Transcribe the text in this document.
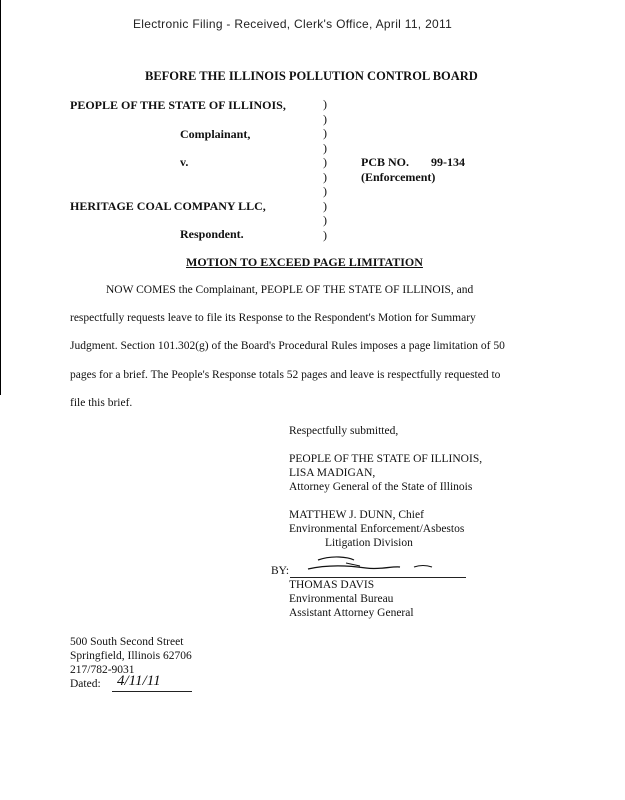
Electronic Filing - Received, Clerk's Office, April 11, 2011
BEFORE THE ILLINOIS POLLUTION CONTROL BOARD
PEOPLE OF THE STATE OF ILLINOIS,
Complainant,
v.
HERITAGE COAL COMPANY LLC,
Respondent.
)
)
)
)
)
)
)
)
)
)
PCB NO. 99-134
(Enforcement)
MOTION TO EXCEED PAGE LIMITATION
NOW COMES the Complainant, PEOPLE OF THE STATE OF ILLINOIS, and
respectfully requests leave to file its Response to the Respondent's Motion for Summary
Judgment. Section 101.302(g) of the Board's Procedural Rules imposes a page limitation of 50
pages for a brief. The People's Response totals 52 pages and leave is respectfully requested to
file this brief.
Respectfully submitted,
PEOPLE OF THE STATE OF ILLINOIS,
LISA MADIGAN,
Attorney General of the State of Illinois
MATTHEW J. DUNN, Chief
Environmental Enforcement/Asbestos
Litigation Division
BY:
THOMAS DAVIS
Environmental Bureau
Assistant Attorney General
500 South Second Street
Springfield, Illinois 62706
217/782-9031
Dated: 4/11/11
